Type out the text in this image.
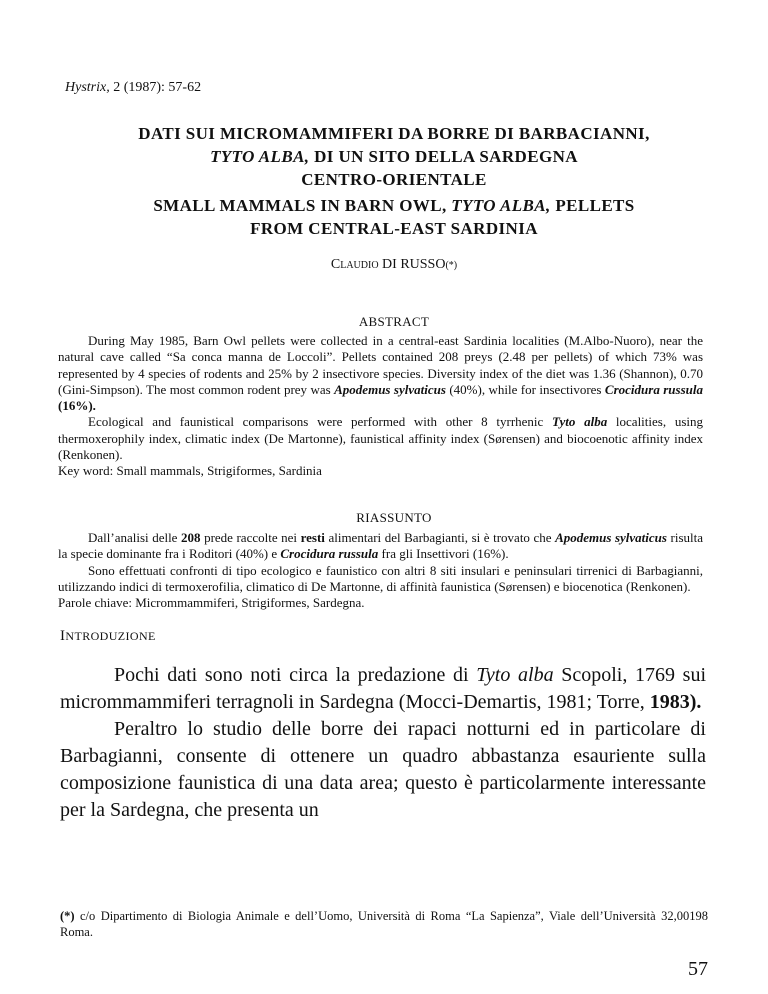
Hystrix, 2 (1987): 57-62
DATI SUI MICROMAMMIFERI DA BORRE DI BARBACIANNI,
TYTO ALBA, DI UN SITO DELLA SARDEGNA
CENTRO-ORIENTALE
SMALL MAMMALS IN BARN OWL, TYTO ALBA, PELLETS
FROM CENTRAL-EAST SARDINIA
CLAUDIO DI RUSSO(*)
ABSTRACT

During May 1985, Barn Owl pellets were collected in a central-east Sardinia localities (M.Albo-Nuoro), near the natural cave called “Sa conca manna de Loccoli”. Pellets contained 208 preys (2.48 per pellets) of which 73% was represented by 4 species of rodents and 25% by 2 insectivore species. Diversity index of the diet was 1.36 (Shannon), 0.70 (Gini-Simpson). The most common rodent prey was Apodemus sylvaticus (40%), while for insectivores Crocidura russula (16%).

Ecological and faunistical comparisons were performed with other 8 tyrrhenic Tyto alba localities, using thermoxerophily index, climatic index (De Martonne), faunistical affinity index (Sørensen) and biocoenotic affinity index (Renkonen).

Key word: Small mammals, Strigiformes, Sardinia

RIASSUNTO

Dall’analisi delle 208 prede raccolte nei resti alimentari del Barbagianti, si è trovato che Apodemus sylvaticus risulta la specie dominante fra i Roditori (40%) e Crocidura russula fra gli Insettivori (16%).

Sono effettuati confronti di tipo ecologico e faunistico con altri 8 siti insulari e peninsulari tirrenici di Barbagianni, utilizzando indici di termoxerofilia, climatico di De Martonne, di affinità faunistica (Sørensen) e biocenotica (Renkonen).

Parole chiave: Micrommammiferi, Strigiformes, Sardegna.

INTRODUZIONE

Pochi dati sono noti circa la predazione di Tyto alba Scopoli, 1769 sui micrommammiferi terragnoli in Sardegna (Mocci-Demartis, 1981; Torre, 1983).

Peraltro lo studio delle borre dei rapaci notturni ed in particolare di Barbagianni, consente di ottenere un quadro abbastanza esauriente sulla composizione faunistica di una data area; questo è particolarmente interessante per la Sardegna, che presenta un

(*) c/o Dipartimento di Biologia Animale e dell’Uomo, Università di Roma “La Sapienza”, Viale dell’Università 32,00198 Roma.
57
